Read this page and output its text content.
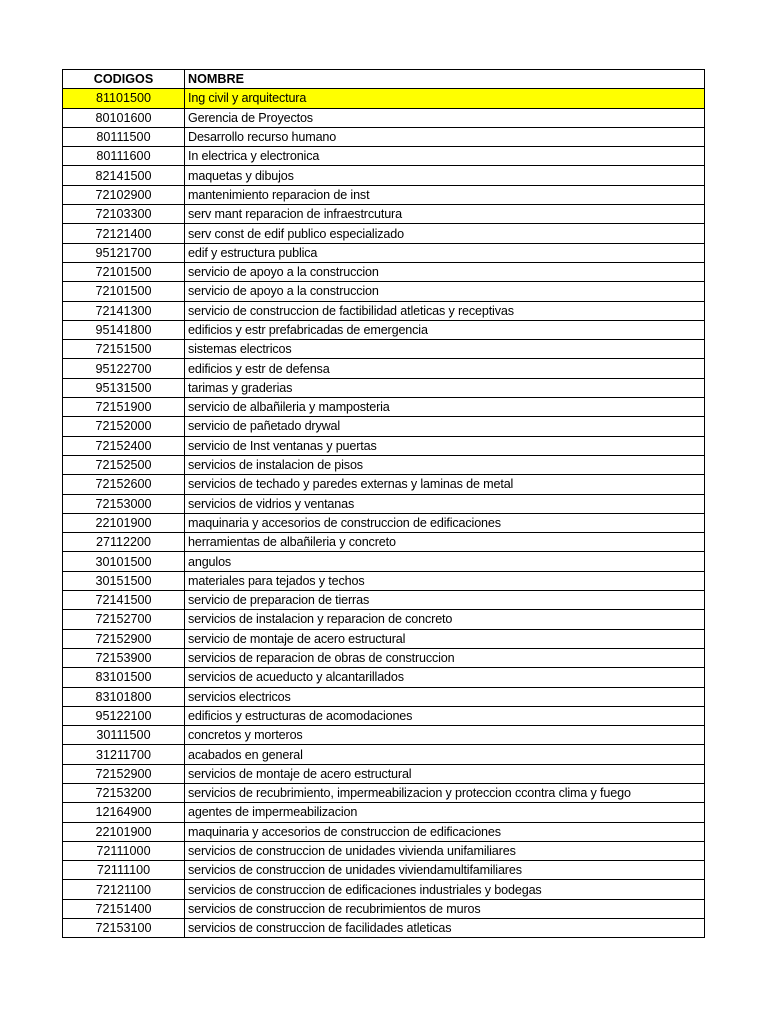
CODIGOS	NOMBRE
81101500	Ing civil y arquitectura
80101600	Gerencia de Proyectos
80111500	Desarrollo recurso humano
80111600	In electrica y electronica
82141500	maquetas y dibujos
72102900	mantenimiento reparacion de inst
72103300	serv mant reparacion de infraestrcutura
72121400	serv const de edif publico especializado
95121700	edif y estructura publica
72101500	servicio de apoyo a la construccion
72101500	servicio de apoyo a la construccion
72141300	servicio de construccion de factibilidad atleticas y receptivas
95141800	edificios y estr prefabricadas de emergencia
72151500	sistemas electricos
95122700	edificios y estr de defensa
95131500	tarimas y graderias
72151900	servicio de albañileria y mamposteria
72152000	servicio de pañetado drywal
72152400	servicio de Inst ventanas y puertas
72152500	servicios de instalacion de pisos
72152600	servicios de techado y paredes externas y laminas de metal
72153000	servicios de vidrios y ventanas
22101900	maquinaria y accesorios de construccion de edificaciones
27112200	herramientas de albañileria y concreto
30101500	angulos
30151500	materiales para tejados y techos
72141500	servicio de preparacion de tierras
72152700	servicios de instalacion y reparacion de concreto
72152900	servicio de montaje de acero estructural
72153900	servicios de reparacion de obras de construccion
83101500	servicios de acueducto y alcantarillados
83101800	servicios electricos
95122100	edificios y estructuras de acomodaciones
30111500	concretos y morteros
31211700	acabados en general
72152900	servicios de montaje de acero estructural
72153200	servicios de recubrimiento, impermeabilizacion y proteccion ccontra clima y fuego
12164900	agentes de impermeabilizacion
22101900	maquinaria y accesorios de construccion de edificaciones
72111000	servicios de construccion de unidades vivienda unifamiliares
72111100	servicios de construccion de unidades viviendamultifamiliares
72121100	servicios de construccion de edificaciones industriales y bodegas
72151400	servicios de construccion de recubrimientos de muros
72153100	servicios de construccion de facilidades atleticas
